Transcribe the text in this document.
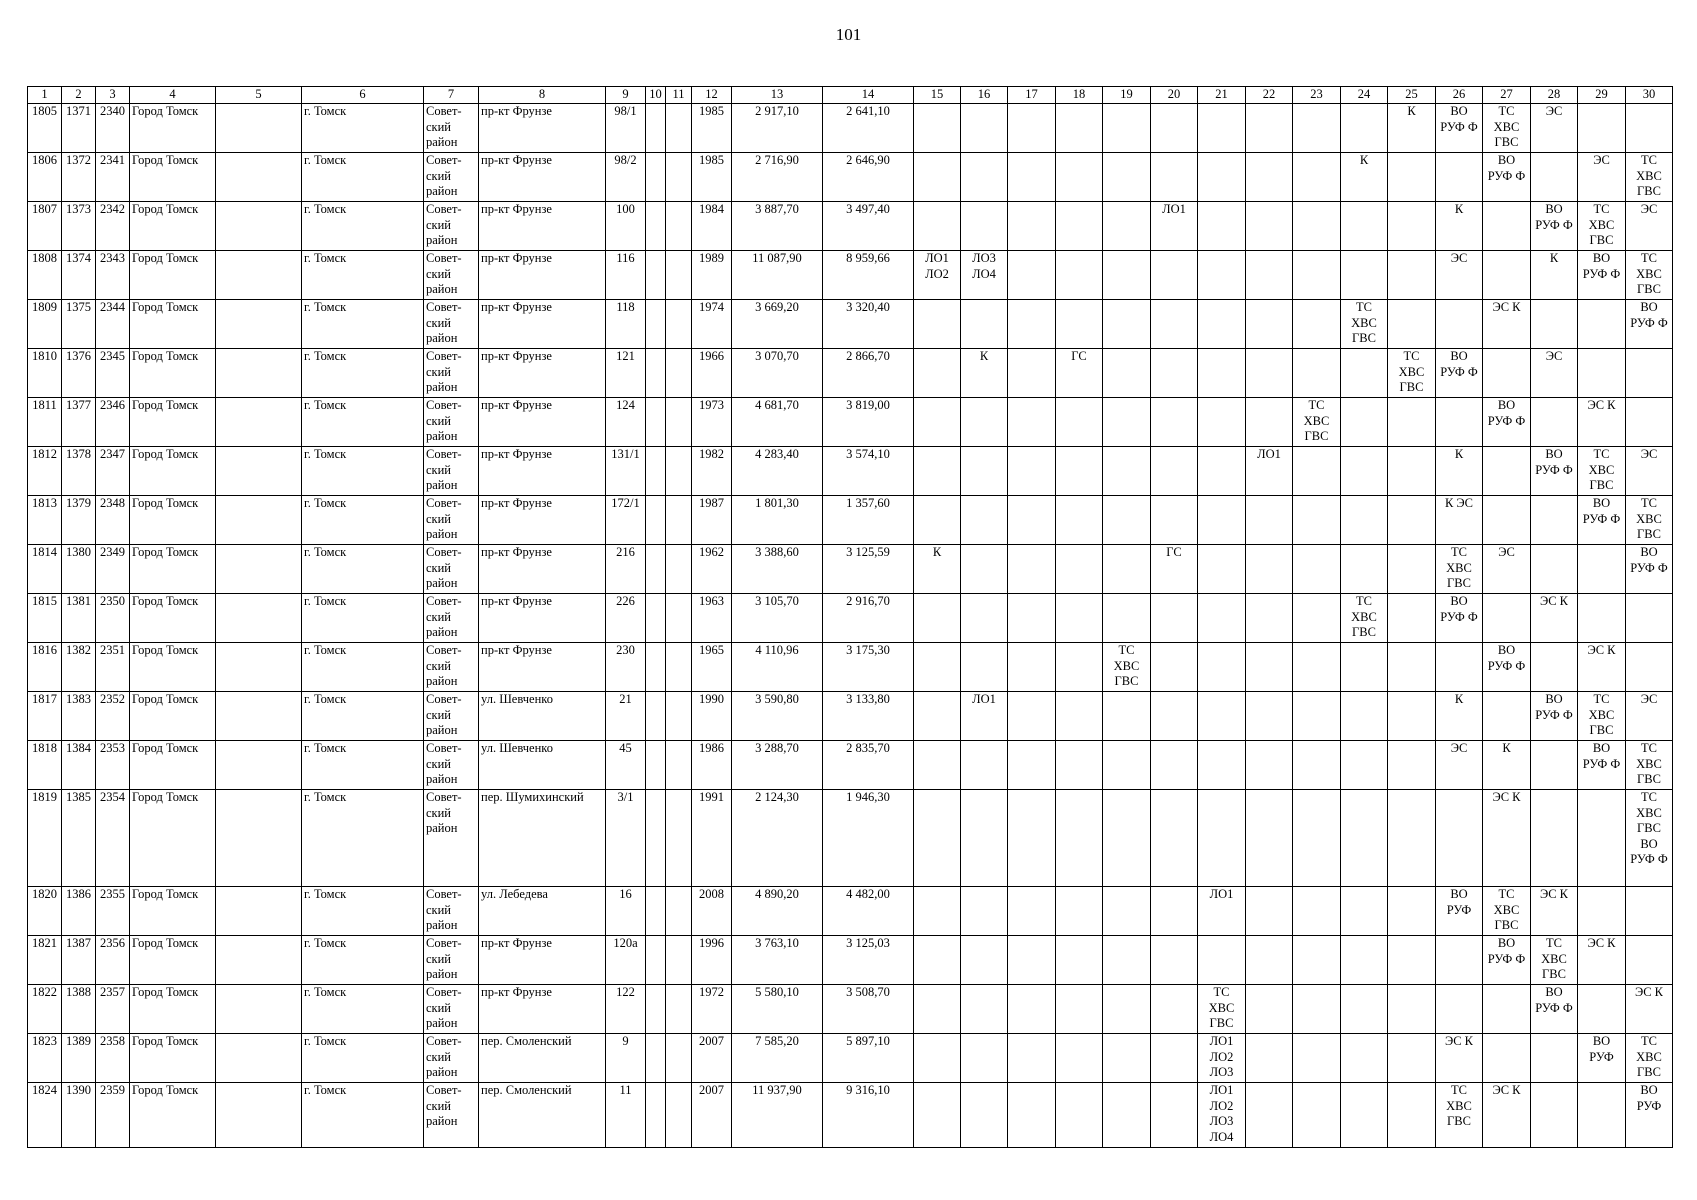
101
1	2	3	4	5	6	7	8	9	10	11	12	13	14	15	16	17	18	19	20	21	22	23	24	25	26	27	28	29	30
1805	1371	2340	Город Томск		г. Томск	Совет-
ский
район	пр-кт Фрунзе	98/1			1985	2 917,10	2 641,10											К	ВО
РУФ Ф	ТС
ХВС
ГВС	ЭС		
1806	1372	2341	Город Томск		г. Томск	Совет-
ский
район	пр-кт Фрунзе	98/2			1985	2 716,90	2 646,90										К			ВО
РУФ Ф		ЭС	ТС
ХВС
ГВС
1807	1373	2342	Город Томск		г. Томск	Совет-
ский
район	пр-кт Фрунзе	100			1984	3 887,70	3 497,40						ЛО1						К		ВО
РУФ Ф	ТС
ХВС
ГВС	ЭС
1808	1374	2343	Город Томск		г. Томск	Совет-
ский
район	пр-кт Фрунзе	116			1989	11 087,90	8 959,66	ЛО1
ЛО2	ЛО3
ЛО4										ЭС		К	ВО
РУФ Ф	ТС
ХВС
ГВС
1809	1375	2344	Город Томск		г. Томск	Совет-
ский
район	пр-кт Фрунзе	118			1974	3 669,20	3 320,40										ТС
ХВС
ГВС			ЭС К			ВО
РУФ Ф
1810	1376	2345	Город Томск		г. Томск	Совет-
ский
район	пр-кт Фрунзе	121			1966	3 070,70	2 866,70		К		ГС							ТС
ХВС
ГВС	ВО
РУФ Ф		ЭС		
1811	1377	2346	Город Томск		г. Томск	Совет-
ский
район	пр-кт Фрунзе	124			1973	4 681,70	3 819,00									ТС
ХВС
ГВС				ВО
РУФ Ф		ЭС К	
1812	1378	2347	Город Томск		г. Томск	Совет-
ский
район	пр-кт Фрунзе	131/1			1982	4 283,40	3 574,10								ЛО1				К		ВО
РУФ Ф	ТС
ХВС
ГВС	ЭС
1813	1379	2348	Город Томск		г. Томск	Совет-
ский
район	пр-кт Фрунзе	172/1			1987	1 801,30	1 357,60												К ЭС			ВО
РУФ Ф	ТС
ХВС
ГВС
1814	1380	2349	Город Томск		г. Томск	Совет-
ский
район	пр-кт Фрунзе	216			1962	3 388,60	3 125,59	К					ГС						ТС
ХВС
ГВС	ЭС			ВО
РУФ Ф
1815	1381	2350	Город Томск		г. Томск	Совет-
ский
район	пр-кт Фрунзе	226			1963	3 105,70	2 916,70										ТС
ХВС
ГВС		ВО
РУФ Ф		ЭС К		
1816	1382	2351	Город Томск		г. Томск	Совет-
ский
район	пр-кт Фрунзе	230			1965	4 110,96	3 175,30					ТС
ХВС
ГВС								ВО
РУФ Ф		ЭС К	
1817	1383	2352	Город Томск		г. Томск	Совет-
ский
район	ул. Шевченко	21			1990	3 590,80	3 133,80		ЛО1										К		ВО
РУФ Ф	ТС
ХВС
ГВС	ЭС
1818	1384	2353	Город Томск		г. Томск	Совет-
ский
район	ул. Шевченко	45			1986	3 288,70	2 835,70												ЭС	К		ВО
РУФ Ф	ТС
ХВС
ГВС
1819	1385	2354	Город Томск		г. Томск	Совет-
ский
район	пер. Шумихинский	3/1			1991	2 124,30	1 946,30													ЭС К			ТС
ХВС
ГВС
ВО
РУФ Ф
1820	1386	2355	Город Томск		г. Томск	Совет-
ский
район	ул. Лебедева	16			2008	4 890,20	4 482,00							ЛО1					ВО
РУФ	ТС
ХВС
ГВС	ЭС К		
1821	1387	2356	Город Томск		г. Томск	Совет-
ский
район	пр-кт Фрунзе	120а			1996	3 763,10	3 125,03													ВО
РУФ Ф	ТС
ХВС
ГВС	ЭС К	
1822	1388	2357	Город Томск		г. Томск	Совет-
ский
район	пр-кт Фрунзе	122			1972	5 580,10	3 508,70							ТС
ХВС
ГВС							ВО
РУФ Ф		ЭС К
1823	1389	2358	Город Томск		г. Томск	Совет-
ский
район	пер. Смоленский	9			2007	7 585,20	5 897,10							ЛО1
ЛО2
ЛО3					ЭС К			ВО
РУФ	ТС
ХВС
ГВС
1824	1390	2359	Город Томск		г. Томск	Совет-
ский
район	пер. Смоленский	11			2007	11 937,90	9 316,10							ЛО1
ЛО2
ЛО3
ЛО4					ТС
ХВС
ГВС	ЭС К			ВО
РУФ
